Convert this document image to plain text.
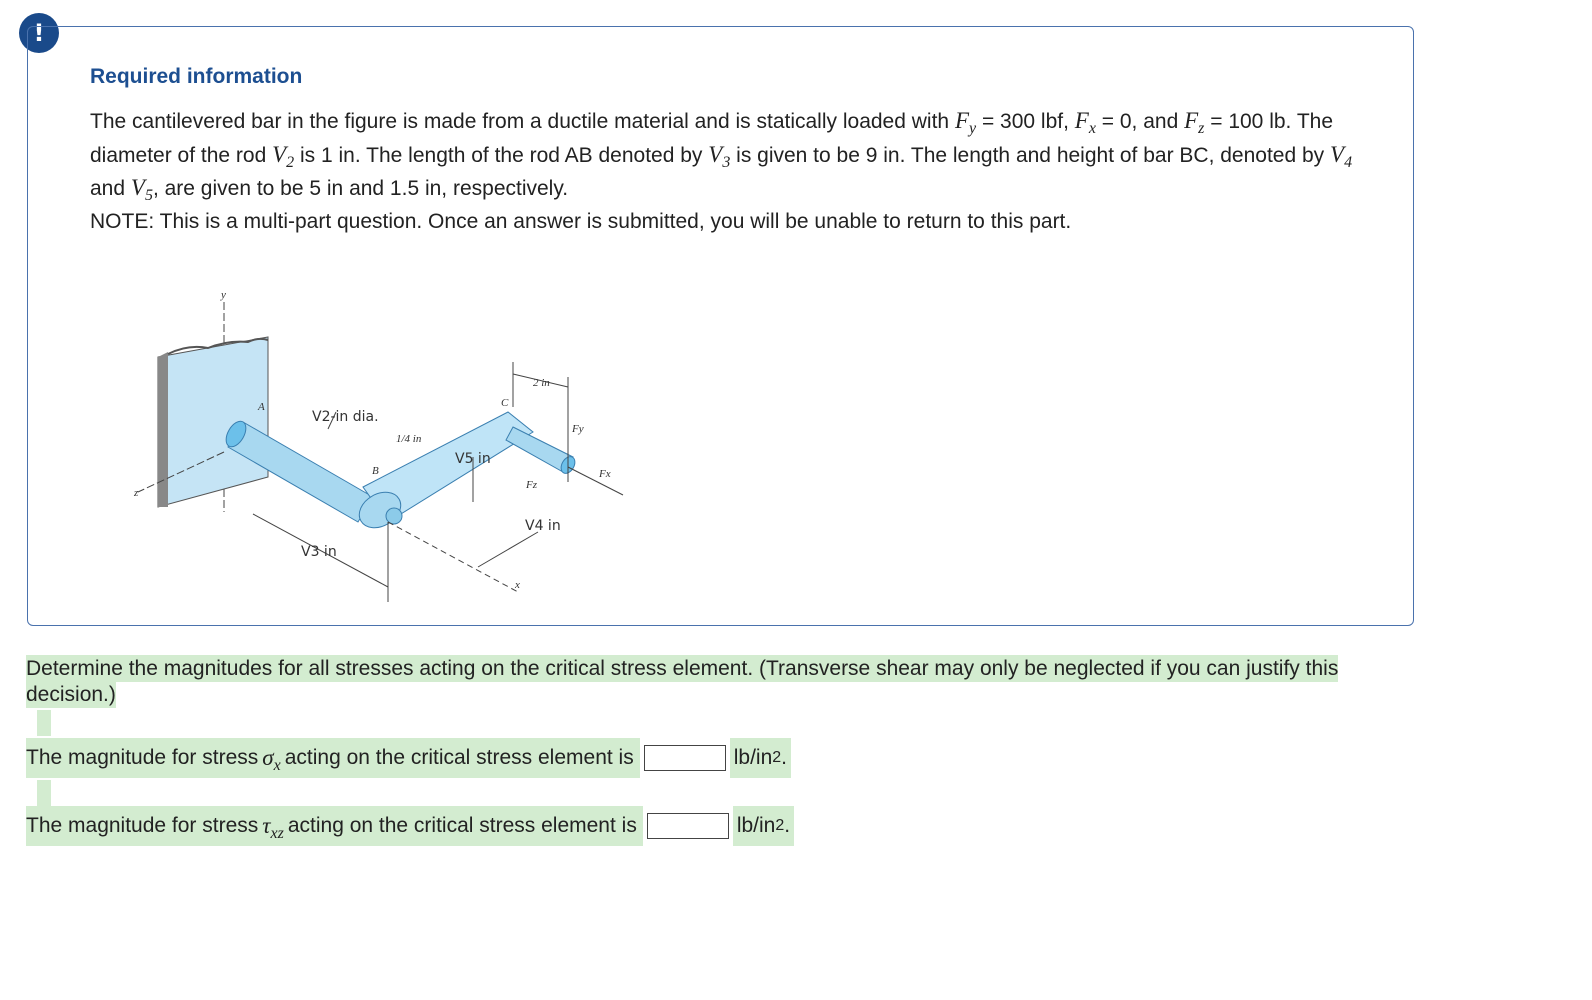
!
Required information

The cantilevered bar in the figure is made from a ductile material and is statically loaded with $F_y = 300$ lbf, $F_x = 0$, and $F_z = 100$ lb. The diameter of the rod $V_2$ is 1 in. The length of the rod AB denoted by $V_3$ is given to be 9 in. The length and height of bar BC, denoted by $V_4$ and $V_5$, are given to be 5 in and 1.5 in, respectively.
NOTE: This is a multi-part question. Once an answer is submitted, you will be unable to return to this part.

y
z
A
B
C
x
V2-in dia.
V5 in
V4 in
V3 in
2 in
1/4 in
Fy
Fx
Fz

Determine the magnitudes for all stresses acting on the critical stress element. (Transverse shear may only be neglected if you can justify this decision.)

The magnitude for stress $\sigma_x$ acting on the critical stress element is	lb/in 2 .
The magnitude for stress $\tau_{xz}$ acting on the critical stress element is	lb/in 2 .
